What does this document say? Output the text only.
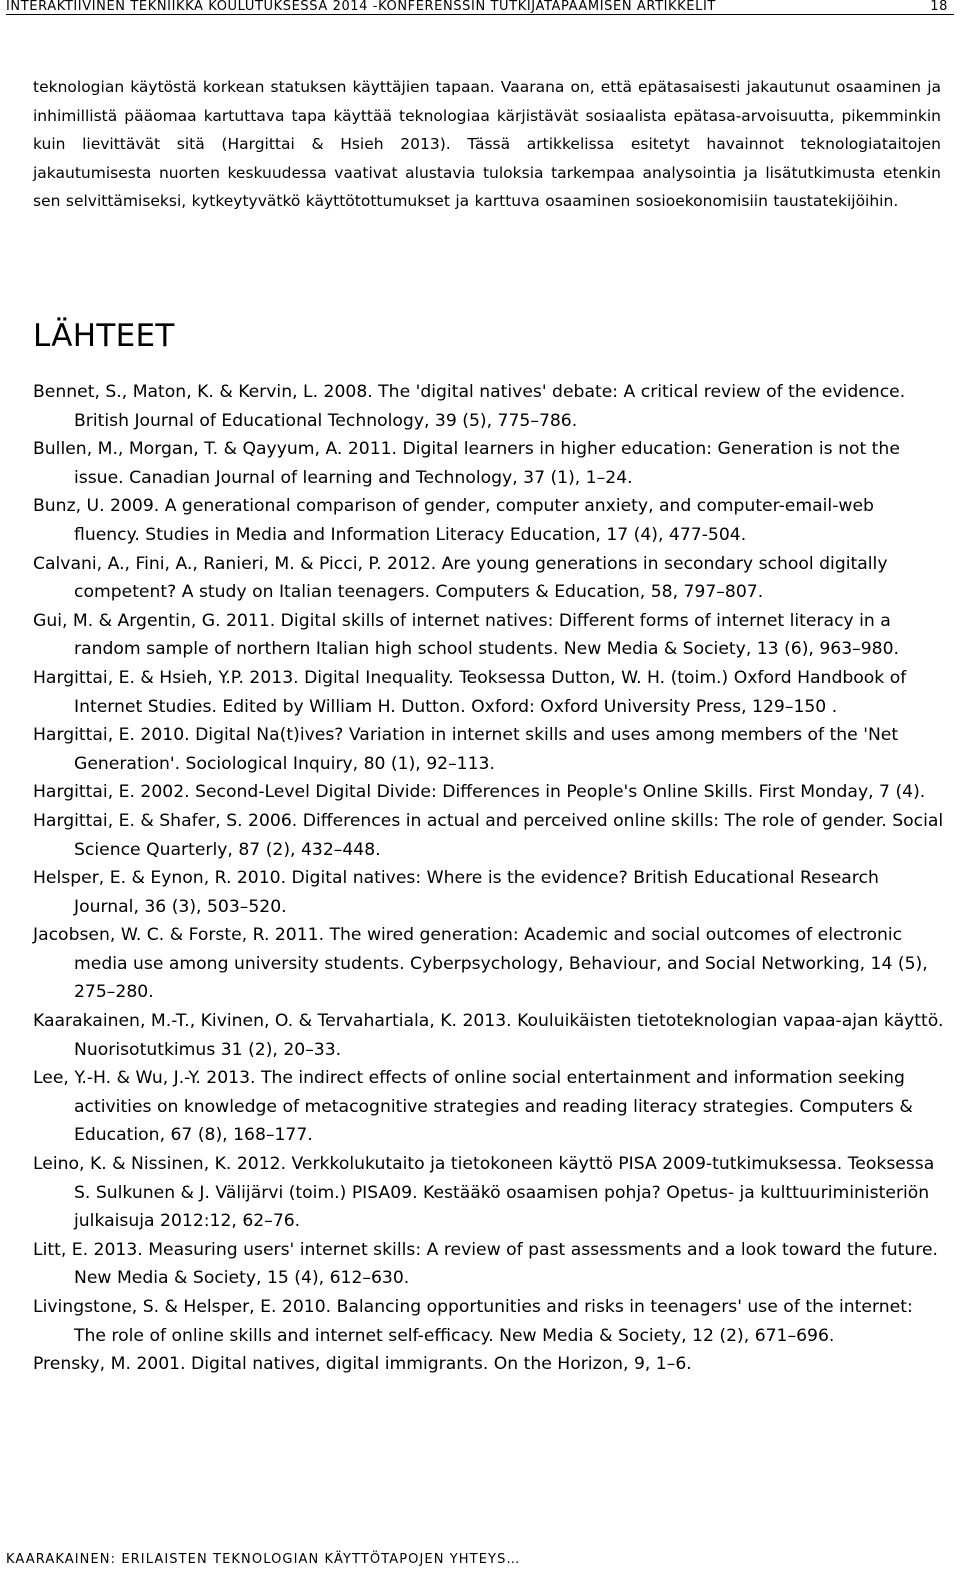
INTERAKTIIVINEN TEKNIIKKA KOULUTUKSESSA 2014 -KONFERENSSIN TUTKIJATAPAAMISEN ARTIKKELIT	18

teknologian käytöstä korkean statuksen käyttäjien tapaan. Vaarana on, että epätasaisesti jakautunut osaaminen ja inhimillistä pääomaa kartuttava tapa käyttää teknologiaa kärjistävät sosiaalista epätasa-arvoisuutta, pikemminkin kuin lievittävät sitä (Hargittai & Hsieh 2013). Tässä artikkelissa esitetyt havainnot teknologiataitojen jakautumisesta nuorten keskuudessa vaativat alustavia tuloksia tarkempaa analysointia ja lisätutkimusta etenkin sen selvittämiseksi, kytkeytyvätkö käyttötottumukset ja karttuva osaaminen sosioekonomisiin taustatekijöihin.

LÄHTEET
Bennet, S., Maton, K. & Kervin, L. 2008. The 'digital natives' debate: A critical review of the evidence. British Journal of Educational Technology, 39 (5), 775–786.
Bullen, M., Morgan, T. & Qayyum, A. 2011. Digital learners in higher education: Generation is not the issue. Canadian Journal of learning and Technology, 37 (1), 1–24.
Bunz, U. 2009. A generational comparison of gender, computer anxiety, and computer-email-web fluency. Studies in Media and Information Literacy Education, 17 (4), 477-504.
Calvani, A., Fini, A., Ranieri, M. & Picci, P. 2012. Are young generations in secondary school digitally competent? A study on Italian teenagers. Computers & Education, 58, 797–807.
Gui, M. & Argentin, G. 2011. Digital skills of internet natives: Different forms of internet literacy in a random sample of northern Italian high school students. New Media & Society, 13 (6), 963–980.
Hargittai, E. & Hsieh, Y.P. 2013. Digital Inequality. Teoksessa Dutton, W. H. (toim.) Oxford Handbook of Internet Studies. Edited by William H. Dutton. Oxford: Oxford University Press, 129–150 .
Hargittai, E. 2010. Digital Na(t)ives? Variation in internet skills and uses among members of the 'Net Generation'. Sociological Inquiry, 80 (1), 92–113.
Hargittai, E. 2002. Second-Level Digital Divide: Differences in People's Online Skills. First Monday, 7 (4).
Hargittai, E. & Shafer, S. 2006. Differences in actual and perceived online skills: The role of gender. Social Science Quarterly, 87 (2), 432–448.
Helsper, E. & Eynon, R. 2010. Digital natives: Where is the evidence? British Educational Research Journal, 36 (3), 503–520.
Jacobsen, W. C. & Forste, R. 2011. The wired generation: Academic and social outcomes of electronic media use among university students. Cyberpsychology, Behaviour, and Social Networking, 14 (5), 275–280.
Kaarakainen, M.-T., Kivinen, O. & Tervahartiala, K. 2013. Kouluikäisten tietoteknologian vapaa-ajan käyttö. Nuorisotutkimus 31 (2), 20–33.
Lee, Y.-H. & Wu, J.-Y. 2013. The indirect effects of online social entertainment and information seeking activities on knowledge of metacognitive strategies and reading literacy strategies. Computers & Education, 67 (8), 168–177.
Leino, K. & Nissinen, K. 2012. Verkkolukutaito ja tietokoneen käyttö PISA 2009-tutkimuksessa. Teoksessa S. Sulkunen & J. Välijärvi (toim.) PISA09. Kestääkö osaamisen pohja? Opetus- ja kulttuuriministeriön julkaisuja 2012:12, 62–76.
Litt, E. 2013. Measuring users' internet skills: A review of past assessments and a look toward the future. New Media & Society, 15 (4), 612–630.
Livingstone, S. & Helsper, E. 2010. Balancing opportunities and risks in teenagers' use of the internet: The role of online skills and internet self-efficacy. New Media & Society, 12 (2), 671–696.
Prensky, M. 2001. Digital natives, digital immigrants. On the Horizon, 9, 1–6.
KAARAKAINEN: ERILAISTEN TEKNOLOGIAN KÄYTTÖTAPOJEN YHTEYS…
